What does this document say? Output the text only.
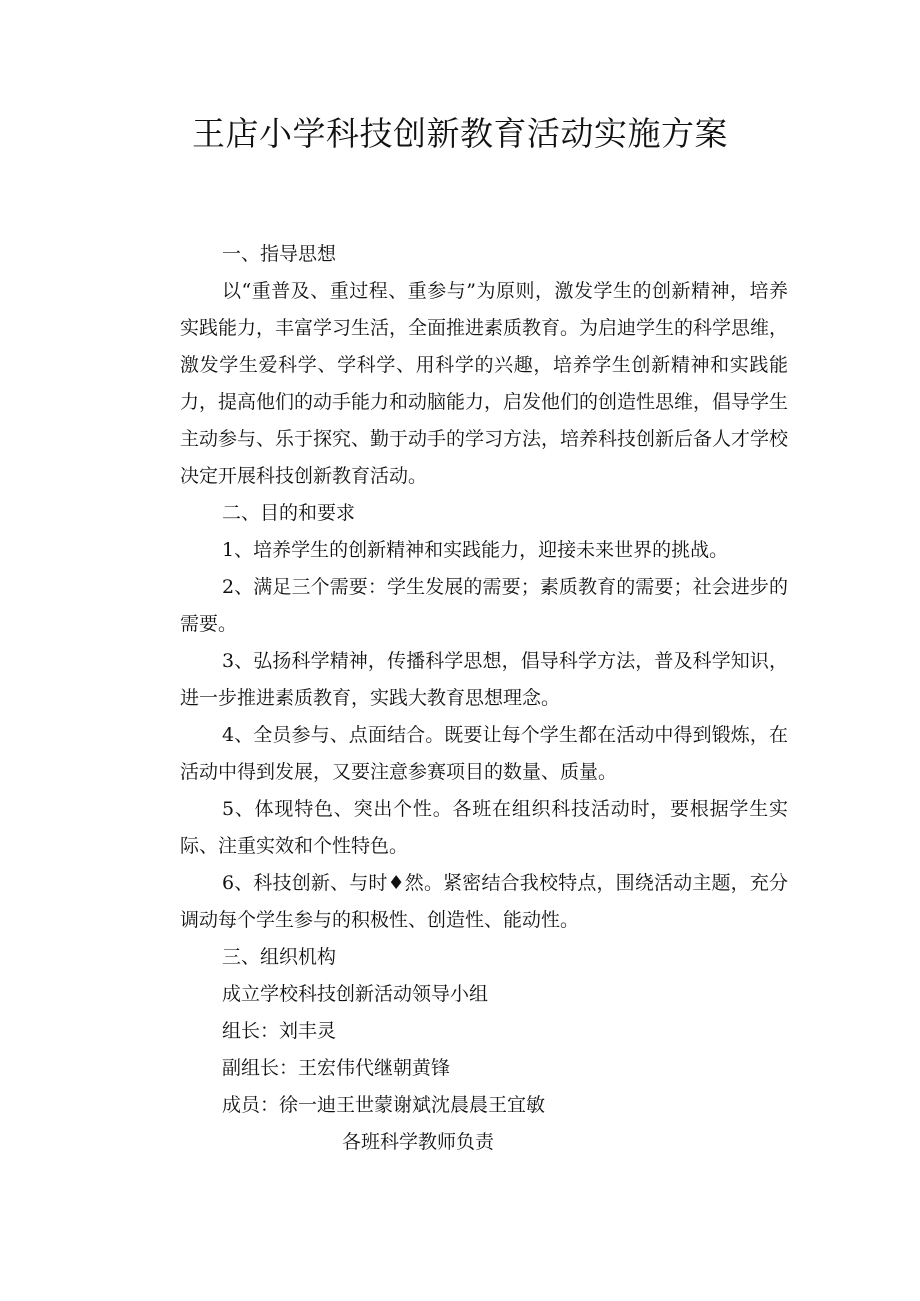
王店小学科技创新教育活动实施方案

一、指导思想

以“重普及、重过程、重参与”为原则，激发学生的创新精神，培养实践能力，丰富学习生活，全面推进素质教育。为启迪学生的科学思维，激发学生爱科学、学科学、用科学的兴趣，培养学生创新精神和实践能力，提高他们的动手能力和动脑能力，启发他们的创造性思维，倡导学生主动参与、乐于探究、勤于动手的学习方法，培养科技创新后备人才学校决定开展科技创新教育活动。

二、目的和要求

1、培养学生的创新精神和实践能力，迎接未来世界的挑战。

2、满足三个需要：学生发展的需要；素质教育的需要；社会进步的需要。

3、弘扬科学精神，传播科学思想，倡导科学方法，普及科学知识，进一步推进素质教育，实践大教育思想理念。

4、全员参与、点面结合。既要让每个学生都在活动中得到锻炼，在活动中得到发展，又要注意参赛项目的数量、质量。

5、体现特色、突出个性。各班在组织科技活动时，要根据学生实际、注重实效和个性特色。

6、科技创新、与时♦然。紧密结合我校特点，围绕活动主题，充分调动每个学生参与的积极性、创造性、能动性。

三、组织机构

成立学校科技创新活动领导小组

组长：刘丰灵

副组长：王宏伟代继朝黄锋

成员：徐一迪王世蒙谢斌沈晨晨王宜敏

各班科学教师负责
